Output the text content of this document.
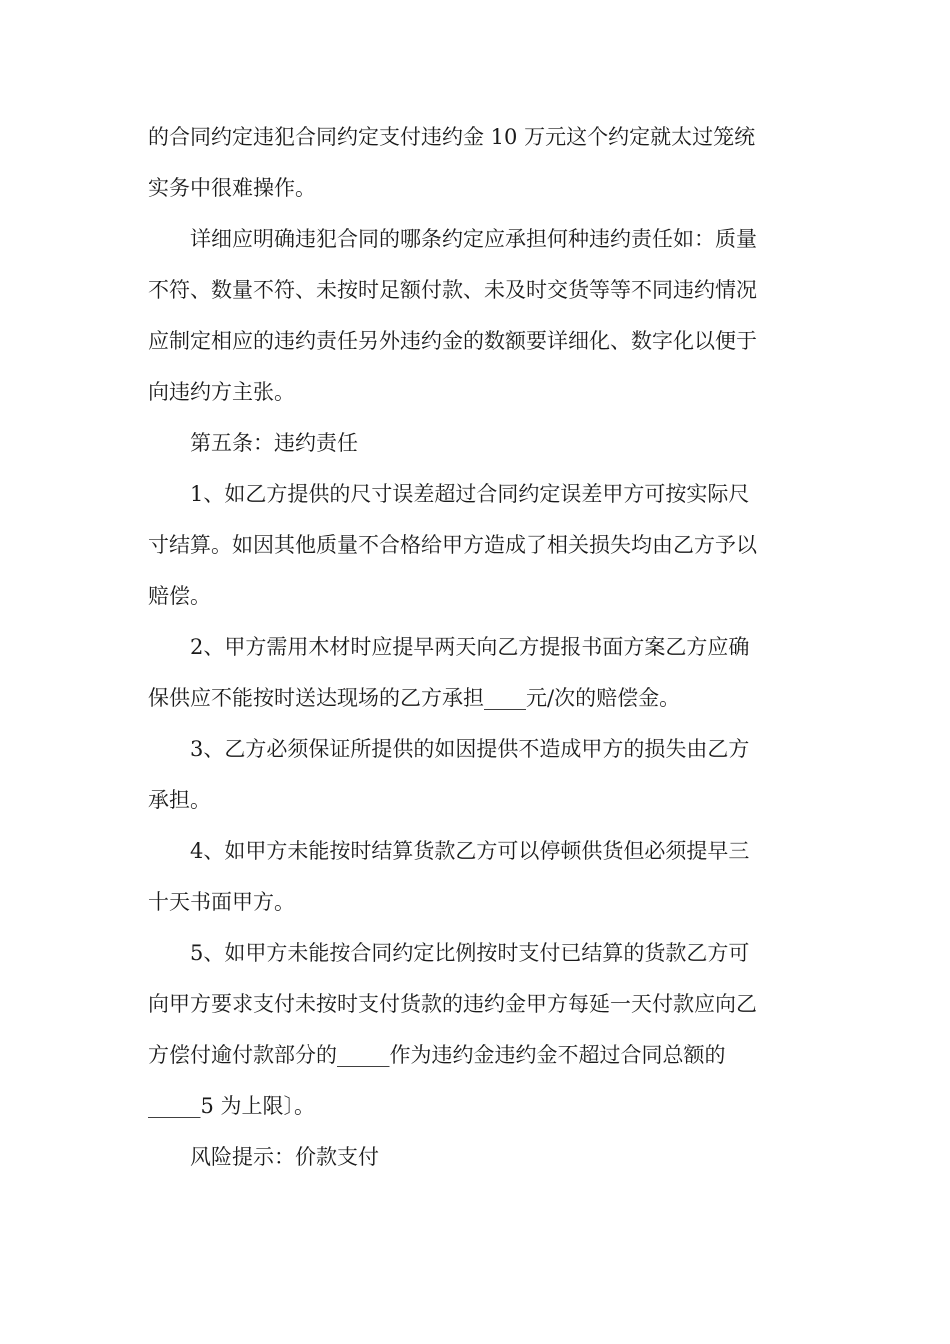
的合同约定违犯合同约定支付违约金 10 万元这个约定就太过笼统
实务中很难操作。
详细应明确违犯合同的哪条约定应承担何种违约责任如：质量
不符、数量不符、未按时足额付款、未及时交货等等不同违约情况
应制定相应的违约责任另外违约金的数额要详细化、数字化以便于
向违约方主张。
第五条：违约责任
1、如乙方提供的尺寸误差超过合同约定误差甲方可按实际尺
寸结算。如因其他质量不合格给甲方造成了相关损失均由乙方予以
赔偿。
2、甲方需用木材时应提早两天向乙方提报书面方案乙方应确
保供应不能按时送达现场的乙方承担____元/次的赔偿金。
3、乙方必须保证所提供的如因提供不造成甲方的损失由乙方
承担。
4、如甲方未能按时结算货款乙方可以停顿供货但必须提早三
十天书面甲方。
5、如甲方未能按合同约定比例按时支付已结算的货款乙方可
向甲方要求支付未按时支付货款的违约金甲方每延一天付款应向乙
方偿付逾付款部分的_____作为违约金违约金不超过合同总额的
_____5 为上限〕。
风险提示：价款支付
